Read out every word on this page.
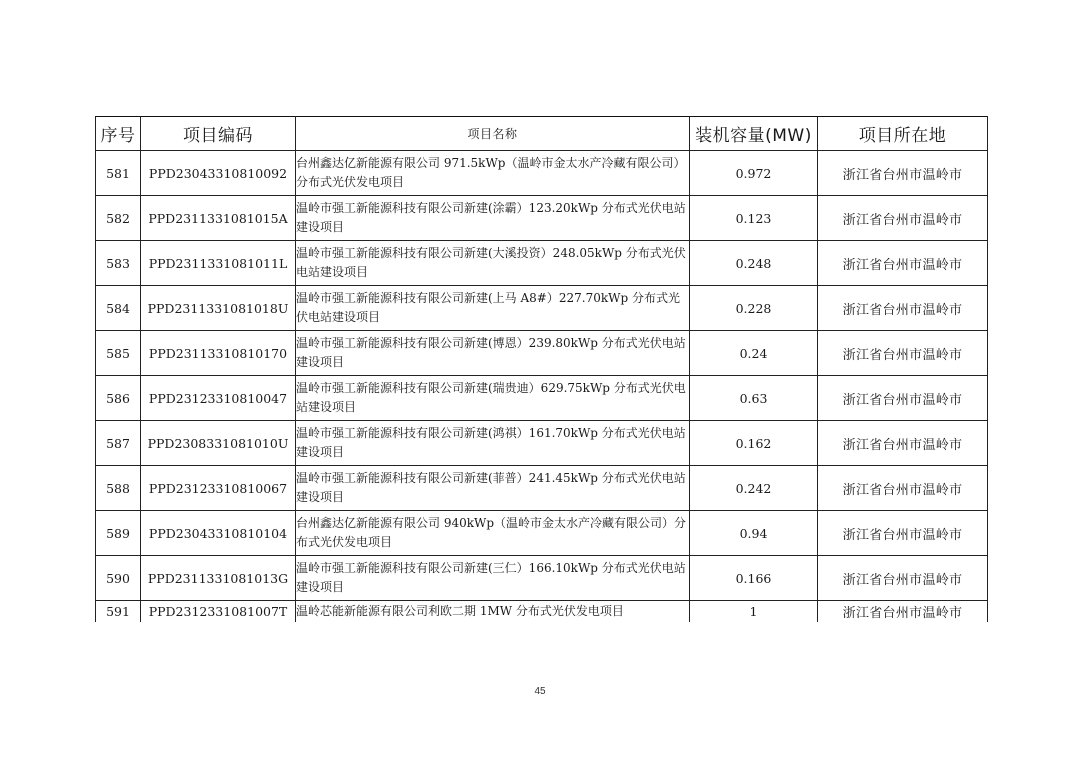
序号	项目编码	项目名称	装机容量(MW)	项目所在地
581	PPD23043310810092	台州鑫达亿新能源有限公司 971.5kWp（温岭市金太水产冷藏有限公司）分布式光伏发电项目	0.972	浙江省台州市温岭市
582	PPD2311331081015A	温岭市强工新能源科技有限公司新建(涂霸）123.20kWp 分布式光伏电站建设项目	0.123	浙江省台州市温岭市
583	PPD2311331081011L	温岭市强工新能源科技有限公司新建(大溪投资）248.05kWp 分布式光伏电站建设项目	0.248	浙江省台州市温岭市
584	PPD2311331081018U	温岭市强工新能源科技有限公司新建(上马 A8#）227.70kWp 分布式光伏电站建设项目	0.228	浙江省台州市温岭市
585	PPD23113310810170	温岭市强工新能源科技有限公司新建(博恩）239.80kWp 分布式光伏电站建设项目	0.24	浙江省台州市温岭市
586	PPD23123310810047	温岭市强工新能源科技有限公司新建(瑞贵迪）629.75kWp 分布式光伏电站建设项目	0.63	浙江省台州市温岭市
587	PPD2308331081010U	温岭市强工新能源科技有限公司新建(鸿祺）161.70kWp 分布式光伏电站建设项目	0.162	浙江省台州市温岭市
588	PPD23123310810067	温岭市强工新能源科技有限公司新建(菲普）241.45kWp 分布式光伏电站建设项目	0.242	浙江省台州市温岭市
589	PPD23043310810104	台州鑫达亿新能源有限公司 940kWp（温岭市金太水产冷藏有限公司）分布式光伏发电项目	0.94	浙江省台州市温岭市
590	PPD2311331081013G	温岭市强工新能源科技有限公司新建(三仁）166.10kWp 分布式光伏电站建设项目	0.166	浙江省台州市温岭市
591	PPD2312331081007T	温岭芯能新能源有限公司利欧二期 1MW 分布式光伏发电项目	1	浙江省台州市温岭市
45
